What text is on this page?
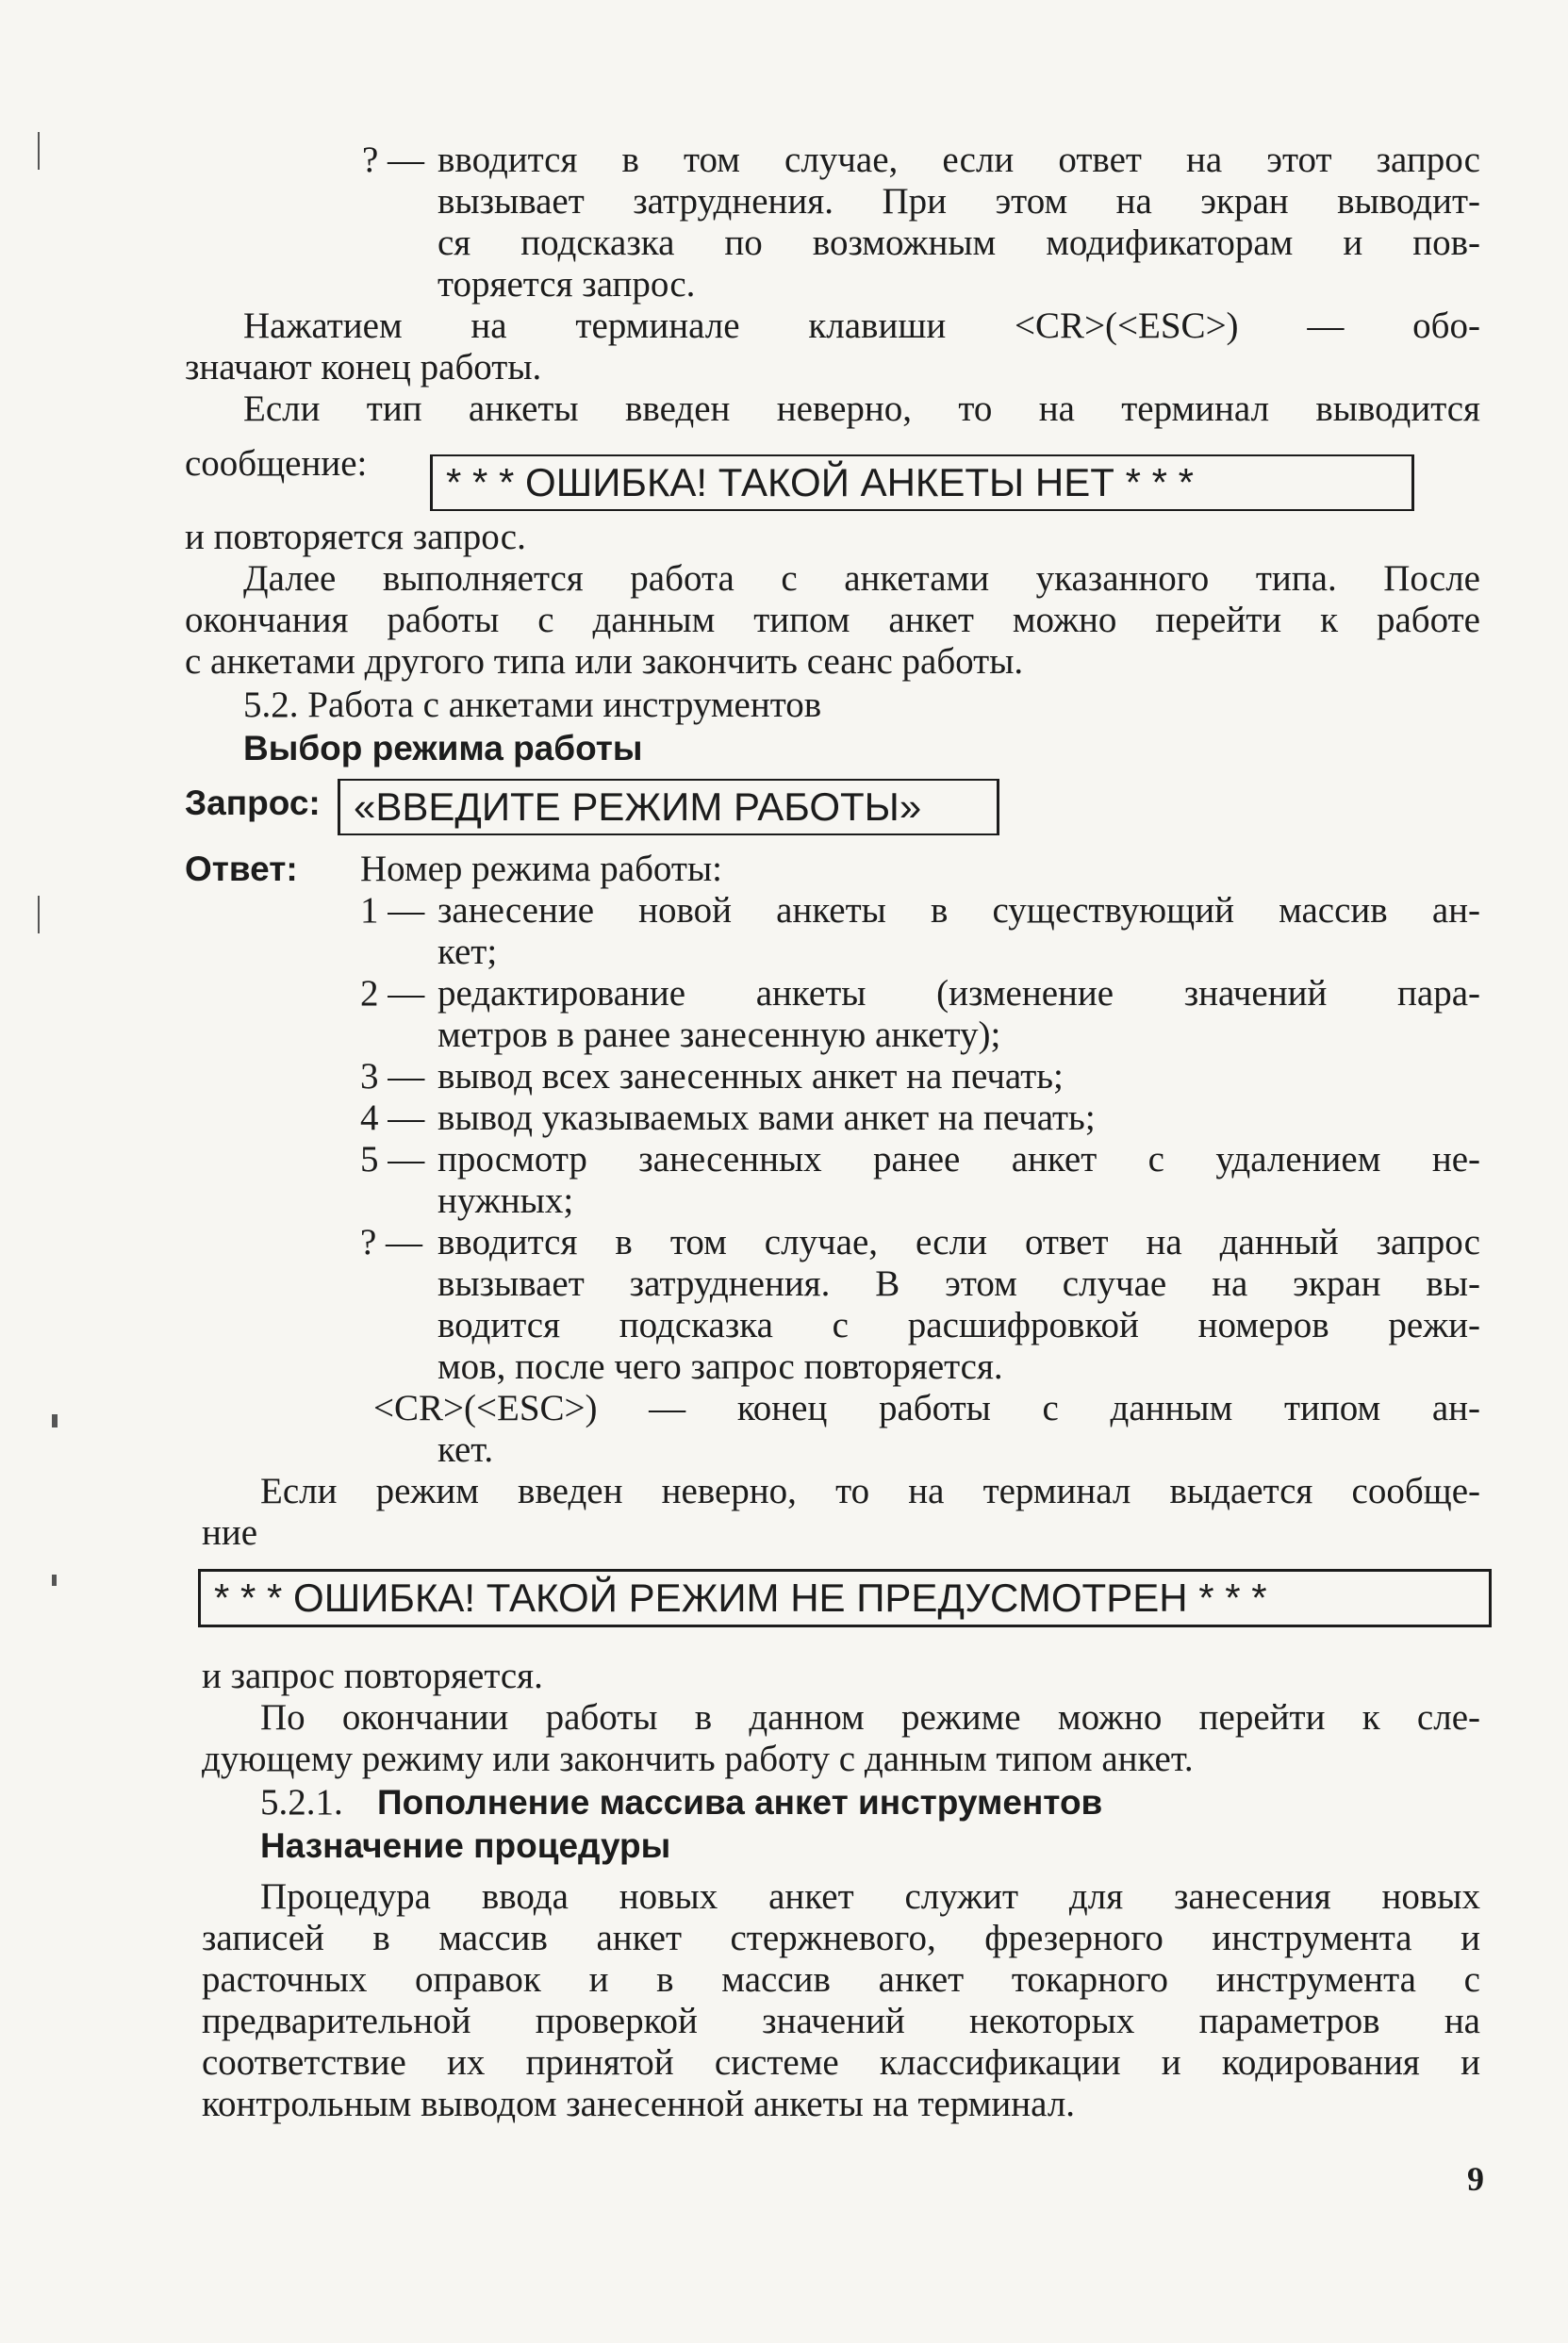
? — вводится в том случае, если ответ на этот запрос
вызывает затруднения. При этом на экран выводит-
ся подсказка по возможным модификаторам и пов-
торяется запрос.
Нажатием на терминале клавиши <CR>(<ESC>) — обо-
значают конец работы.
Если тип анкеты введен неверно, то на терминал выводится
сообщение:	* * * ОШИБКА! ТАКОЙ АНКЕТЫ НЕТ * * *
и повторяется запрос.
Далее выполняется работа с анкетами указанного типа. После
окончания работы с данным типом анкет можно перейти к работе
с анкетами другого типа или закончить сеанс работы.
5.2. Работа с анкетами инструментов
Выбор режима работы
Запрос: «ВВЕДИТЕ РЕЖИМ РАБОТЫ»
Ответ: Номер режима работы:
1 — занесение новой анкеты в существующий массив ан-
кет;
2 — редактирование анкеты (изменение значений пара-
метров в ранее занесенную анкету);
3 — вывод всех занесенных анкет на печать;
4 — вывод указываемых вами анкет на печать;
5 — просмотр занесенных ранее анкет с удалением не-
нужных;
? — вводится в том случае, если ответ на данный запрос
вызывает затруднения. В этом случае на экран вы-
водится подсказка с расшифровкой номеров режи-
мов, после чего запрос повторяется.
<CR>(<ESC>) — конец работы с данным типом ан-
кет.
Если режим введен неверно, то на терминал выдается сообще-
ние
* * * ОШИБКА! ТАКОЙ РЕЖИМ НЕ ПРЕДУСМОТРЕН * * *
и запрос повторяется.
По окончании работы в данном режиме можно перейти к сле-
дующему режиму или закончить работу с данным типом анкет.
5.2.1. Пополнение массива анкет инструментов
Назначение процедуры
Процедура ввода новых анкет служит для занесения новых
записей в массив анкет стержневого, фрезерного инструмента и
расточных оправок и в массив анкет токарного инструмента с
предварительной проверкой значений некоторых параметров на
соответствие их принятой системе классификации и кодирования и
контрольным выводом занесенной анкеты на терминал.
9
